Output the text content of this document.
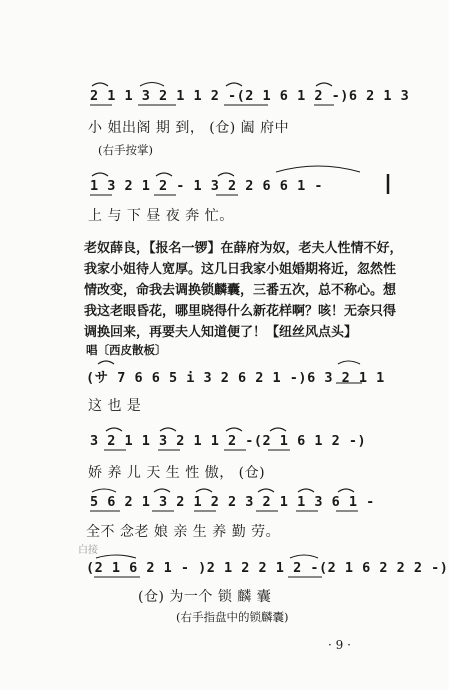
2 1 1 3 2 1 1 2 -(2 1 6 1 2 -)6 2 1 3
小 姐出阁 期 到， (仓) 阖 府中
(右手按掌)
1 3 2 1 2 - 1 3 2 2 6 6 1 -
上 与 下 昼 夜 奔 忙。
老奴薛良，【报名一锣】在薛府为奴，老夫人性情不好，
我家小姐待人宽厚。这几日我家小姐婚期将近，忽然性
情改变，命我去调换锁麟囊，三番五次，总不称心。想
我这老眼昏花，哪里晓得什么新花样啊？咳！无奈只得
调换回来，再要夫人知道便了！【纽丝风点头】
唱〔西皮散板〕
(サ 7 6 6 5 i 3 2 6 2 1 -)6 3 2 1 1
这 也 是
3 2 1 1 3 2 1 1 2 -(2 1 6 1 2 -)
娇 养 儿 天 生 性 傲， (仓)
5 6 2 1 3 2 1 2 2 3 2 1 1 3 6 1 -
全不 念老 娘 亲 生 养 勤 劳。
白接
(2 1 6 2 1 - )2 1 2 2 1 2 -(2 1 6 2 2 2 -)
(仓) 为一个 锁 麟 囊
(右手指盘中的锁麟囊)
· 9 ·
